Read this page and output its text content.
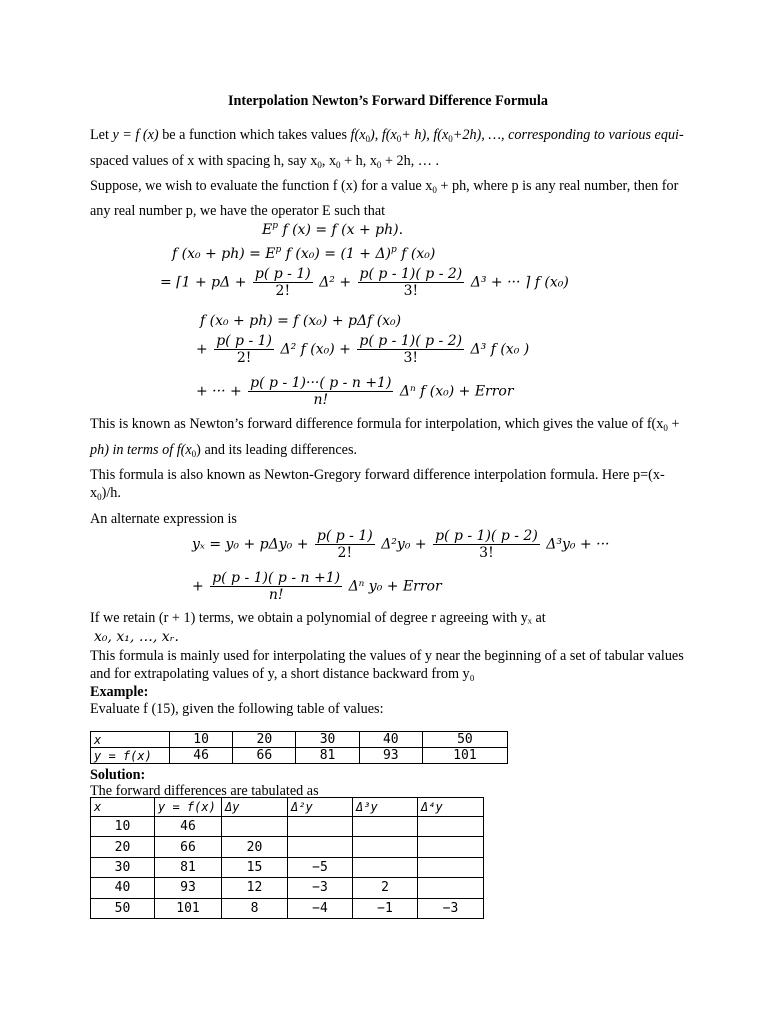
Interpolation Newton’s Forward Difference Formula
Let y = f (x) be a function which takes values $f(x_0)$, $f(x_0+ h)$, $f(x_0+2h)$, …, corresponding to various equi-
spaced values of x with spacing h, say $x_0$, $x_0 + h$, $x_0 + 2h$, … .
Suppose, we wish to evaluate the function f (x) for a value $x_0$ + ph, where p is any real number, then for
any real number p, we have the operator E such that
$E^p$ f (x) = f (x + ph).
f $(x_0 + ph) = E^p$ f $(x_0) = (1 + \Delta)^p$ f (x₀)
= ⌈1 + $p\Delta + \frac{p( p - 1)}{2!} \Delta^2 + \frac{p( p - 1)( p - 2)}{3!} \Delta^3$ + ··· ⌉ f (x₀)
f (x₀ + ph) = f (x₀) + pΔf (x₀)
+ $\frac{p( p - 1)}{2!} \Delta^2$ f $(x_0) + \frac{p( p - 1)( p - 2)}{3!} \Delta^3$ f (x₀ )
+ ··· + $\frac{p( p - 1)\cdot\cdot\cdot( p - n +1)}{n!}$ Δⁿ f (x₀) + Error
This is known as Newton’s forward difference formula for interpolation, which gives the value of $f(x_0$ +
ph) in terms of $f(x_0)$ and its leading differences.
This formula is also known as Newton-Gregory forward difference interpolation formula. Here p=(x-
$x_0)/h$.
An alternate expression is
$y_x = y_0 + p\Delta y_0 + \frac{p( p - 1)}{2!} \Delta^2y_0 + \frac{p( p - 1)( p - 2)}{3!} \Delta^3y_0$ + ···
+ $\frac{p( p - 1)( p - n +1)}{n!}$ Δⁿ y₀ + Error
If we retain (r + 1) terms, we obtain a polynomial of degree r agreeing with yₓ at
x₀, x₁, …, xᵣ.
This formula is mainly used for interpolating the values of y near the beginning of a set of tabular values
and for extrapolating values of y, a short distance backward from y₀
Example:
Evaluate f (15), given the following table of values:
x	10	20	30	40	50
y = f(x)	46	66	81	93	101
Solution:
The forward differences are tabulated as
x	y = f(x)	Δy	Δ²y	Δ³y	Δ⁴y
10	46				
20	66	20			
30	81	15	−5		
40	93	12	−3	2	
50	101	8	−4	−1	−3
